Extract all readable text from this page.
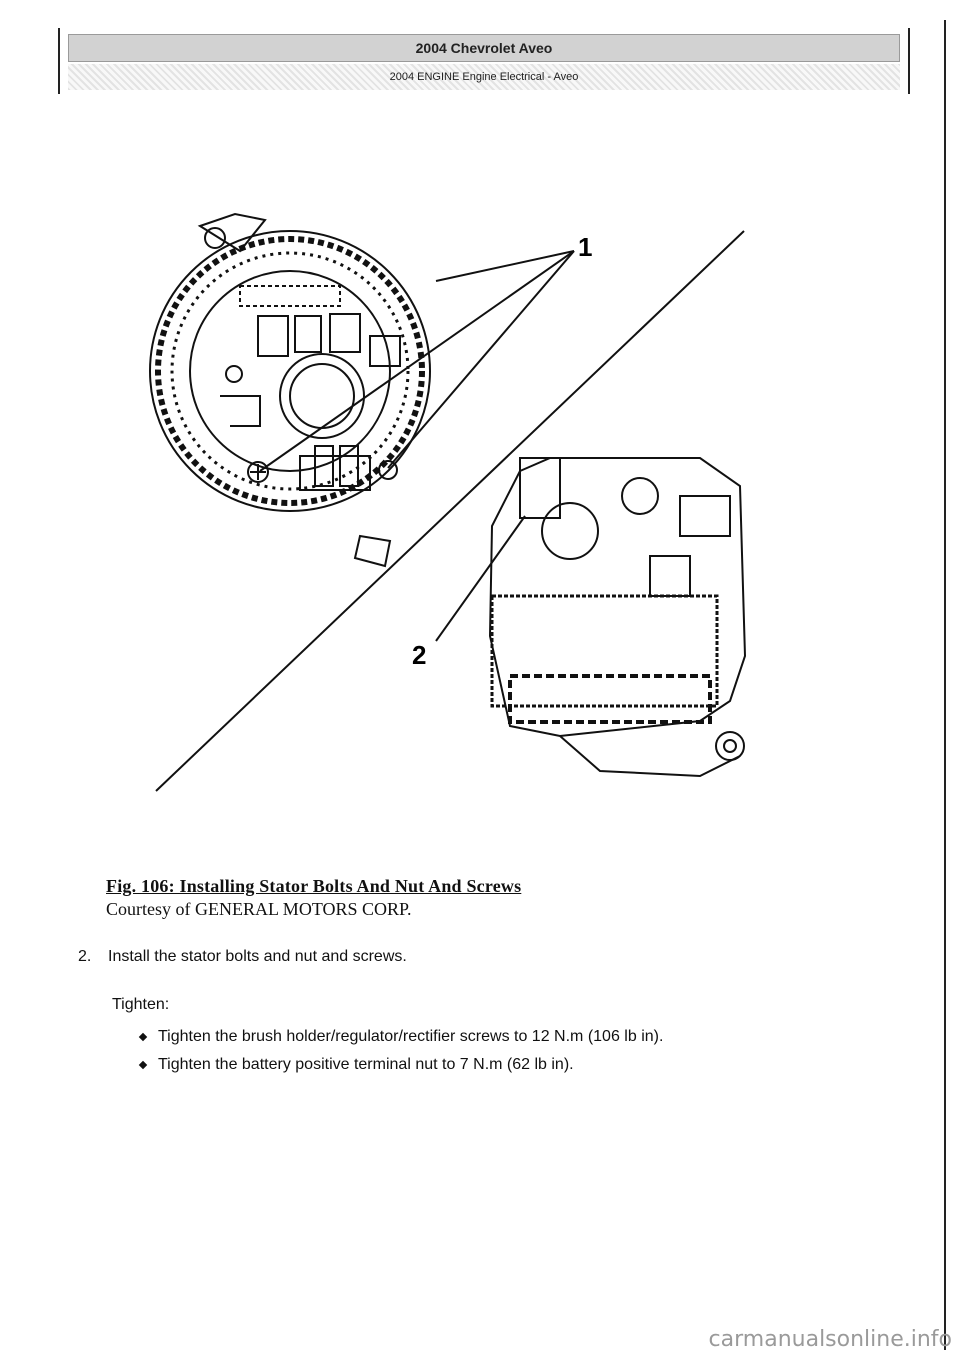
2004 Chevrolet Aveo
2004 ENGINE Engine Electrical - Aveo
1
2
Fig. 106: Installing Stator Bolts And Nut And Screws
Courtesy of GENERAL MOTORS CORP.
2. Install the stator bolts and nut and screws.
Tighten:
Tighten the brush holder/regulator/rectifier screws to 12 N.m (106 lb in).
Tighten the battery positive terminal nut to 7 N.m (62 lb in).
carmanualsonline.info
